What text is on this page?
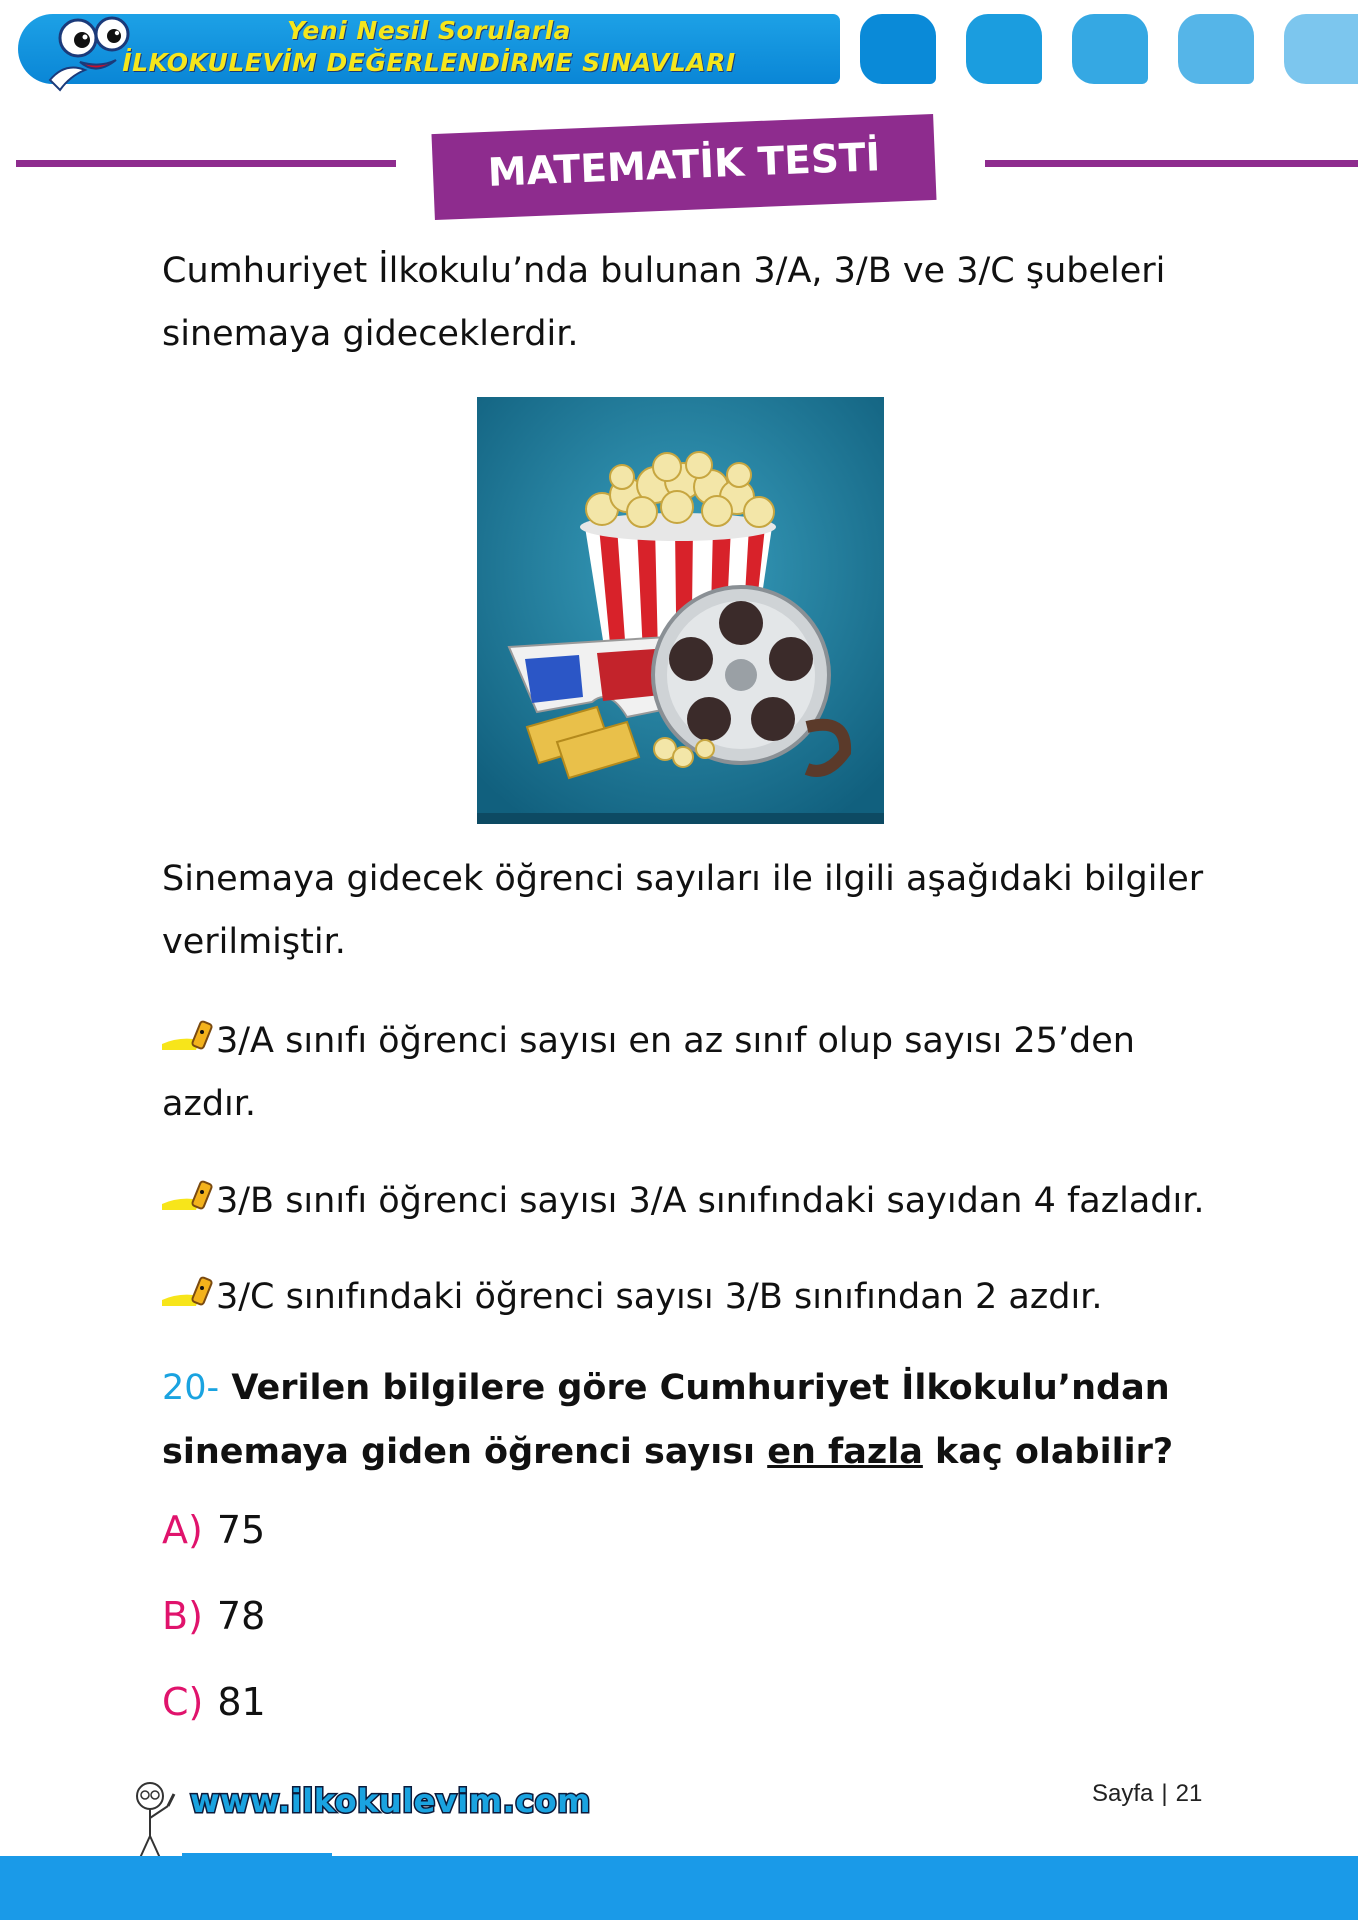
Yeni Nesil Sorularla
İLKOKULEVİM DEĞERLENDİRME SINAVLARI
MATEMATİK TESTİ
Cumhuriyet İlkokulu’nda bulunan 3/A, 3/B ve 3/C şubeleri sinemaya gideceklerdir.
Sinemaya gidecek öğrenci sayıları ile ilgili aşağıdaki bilgiler verilmiştir.
3/A sınıfı öğrenci sayısı en az sınıf olup sayısı 25’den azdır.
3/B sınıfı öğrenci sayısı 3/A sınıfındaki sayıdan 4 fazladır.
3/C sınıfındaki öğrenci sayısı 3/B sınıfından 2 azdır.
20- Verilen bilgilere göre Cumhuriyet İlkokulu’ndan sinemaya giden öğrenci sayısı en fazla kaç olabilir?
A) 75
B) 78
C) 81
www.ilkokulevim.com	Sayfa | 21
